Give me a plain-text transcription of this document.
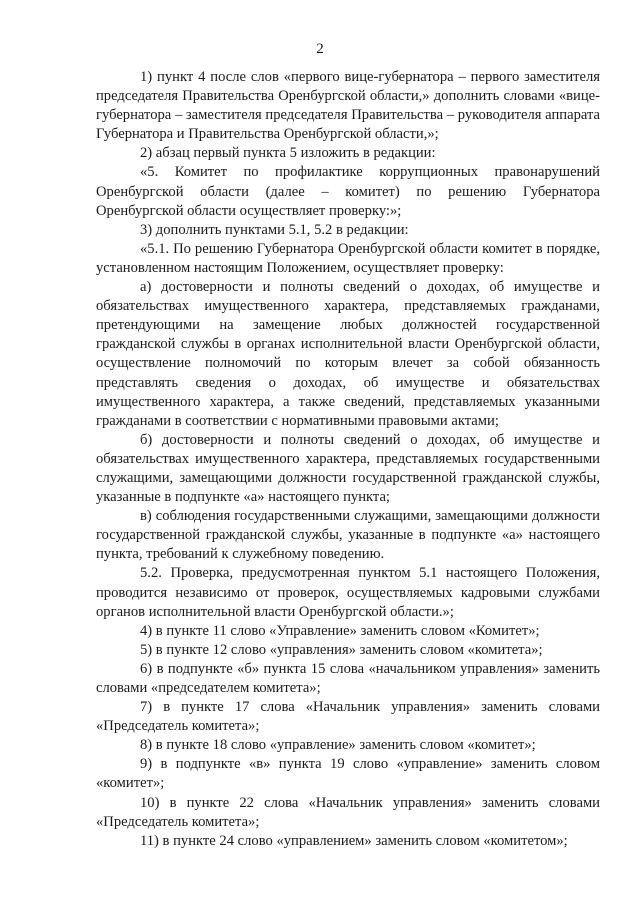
2

1) пункт 4 после слов «первого вице-губернатора – первого заместителя председателя Правительства Оренбургской области,» дополнить словами «вице-губернатора – заместителя председателя Правительства – руководителя аппарата Губернатора и Правительства Оренбургской области,»;

2) абзац первый пункта 5 изложить в редакции:

«5. Комитет по профилактике коррупционных правонарушений Оренбургской области (далее – комитет) по решению Губернатора Оренбургской области осуществляет проверку:»;

3) дополнить пунктами 5.1, 5.2 в редакции:

«5.1. По решению Губернатора Оренбургской области комитет в порядке, установленном настоящим Положением, осуществляет проверку:

а) достоверности и полноты сведений о доходах, об имуществе и обязательствах имущественного характера, представляемых гражданами, претендующими на замещение любых должностей государственной гражданской службы в органах исполнительной власти Оренбургской области, осуществление полномочий по которым влечет за собой обязанность представлять сведения о доходах, об имуществе и обязательствах имущественного характера, а также сведений, представляемых указанными гражданами в соответствии с нормативными правовыми актами;

б) достоверности и полноты сведений о доходах, об имуществе и обязательствах имущественного характера, представляемых государственными служащими, замещающими должности государственной гражданской службы, указанные в подпункте «а» настоящего пункта;

в) соблюдения государственными служащими, замещающими должности государственной гражданской службы, указанные в подпункте «а» настоящего пункта, требований к служебному поведению.

5.2. Проверка, предусмотренная пунктом 5.1 настоящего Положения, проводится независимо от проверок, осуществляемых кадровыми службами органов исполнительной власти Оренбургской области.»;

4) в пункте 11 слово «Управление» заменить словом «Комитет»;

5) в пункте 12 слово «управления» заменить словом «комитета»;

6) в подпункте «б» пункта 15 слова «начальником управления» заменить словами «председателем комитета»;

7) в пункте 17 слова «Начальник управления» заменить словами «Председатель комитета»;

8) в пункте 18 слово «управление» заменить словом «комитет»;

9) в подпункте «в» пункта 19 слово «управление» заменить словом «комитет»;

10) в пункте 22 слова «Начальник управления» заменить словами «Председатель комитета»;

11) в пункте 24 слово «управлением» заменить словом «комитетом»;
